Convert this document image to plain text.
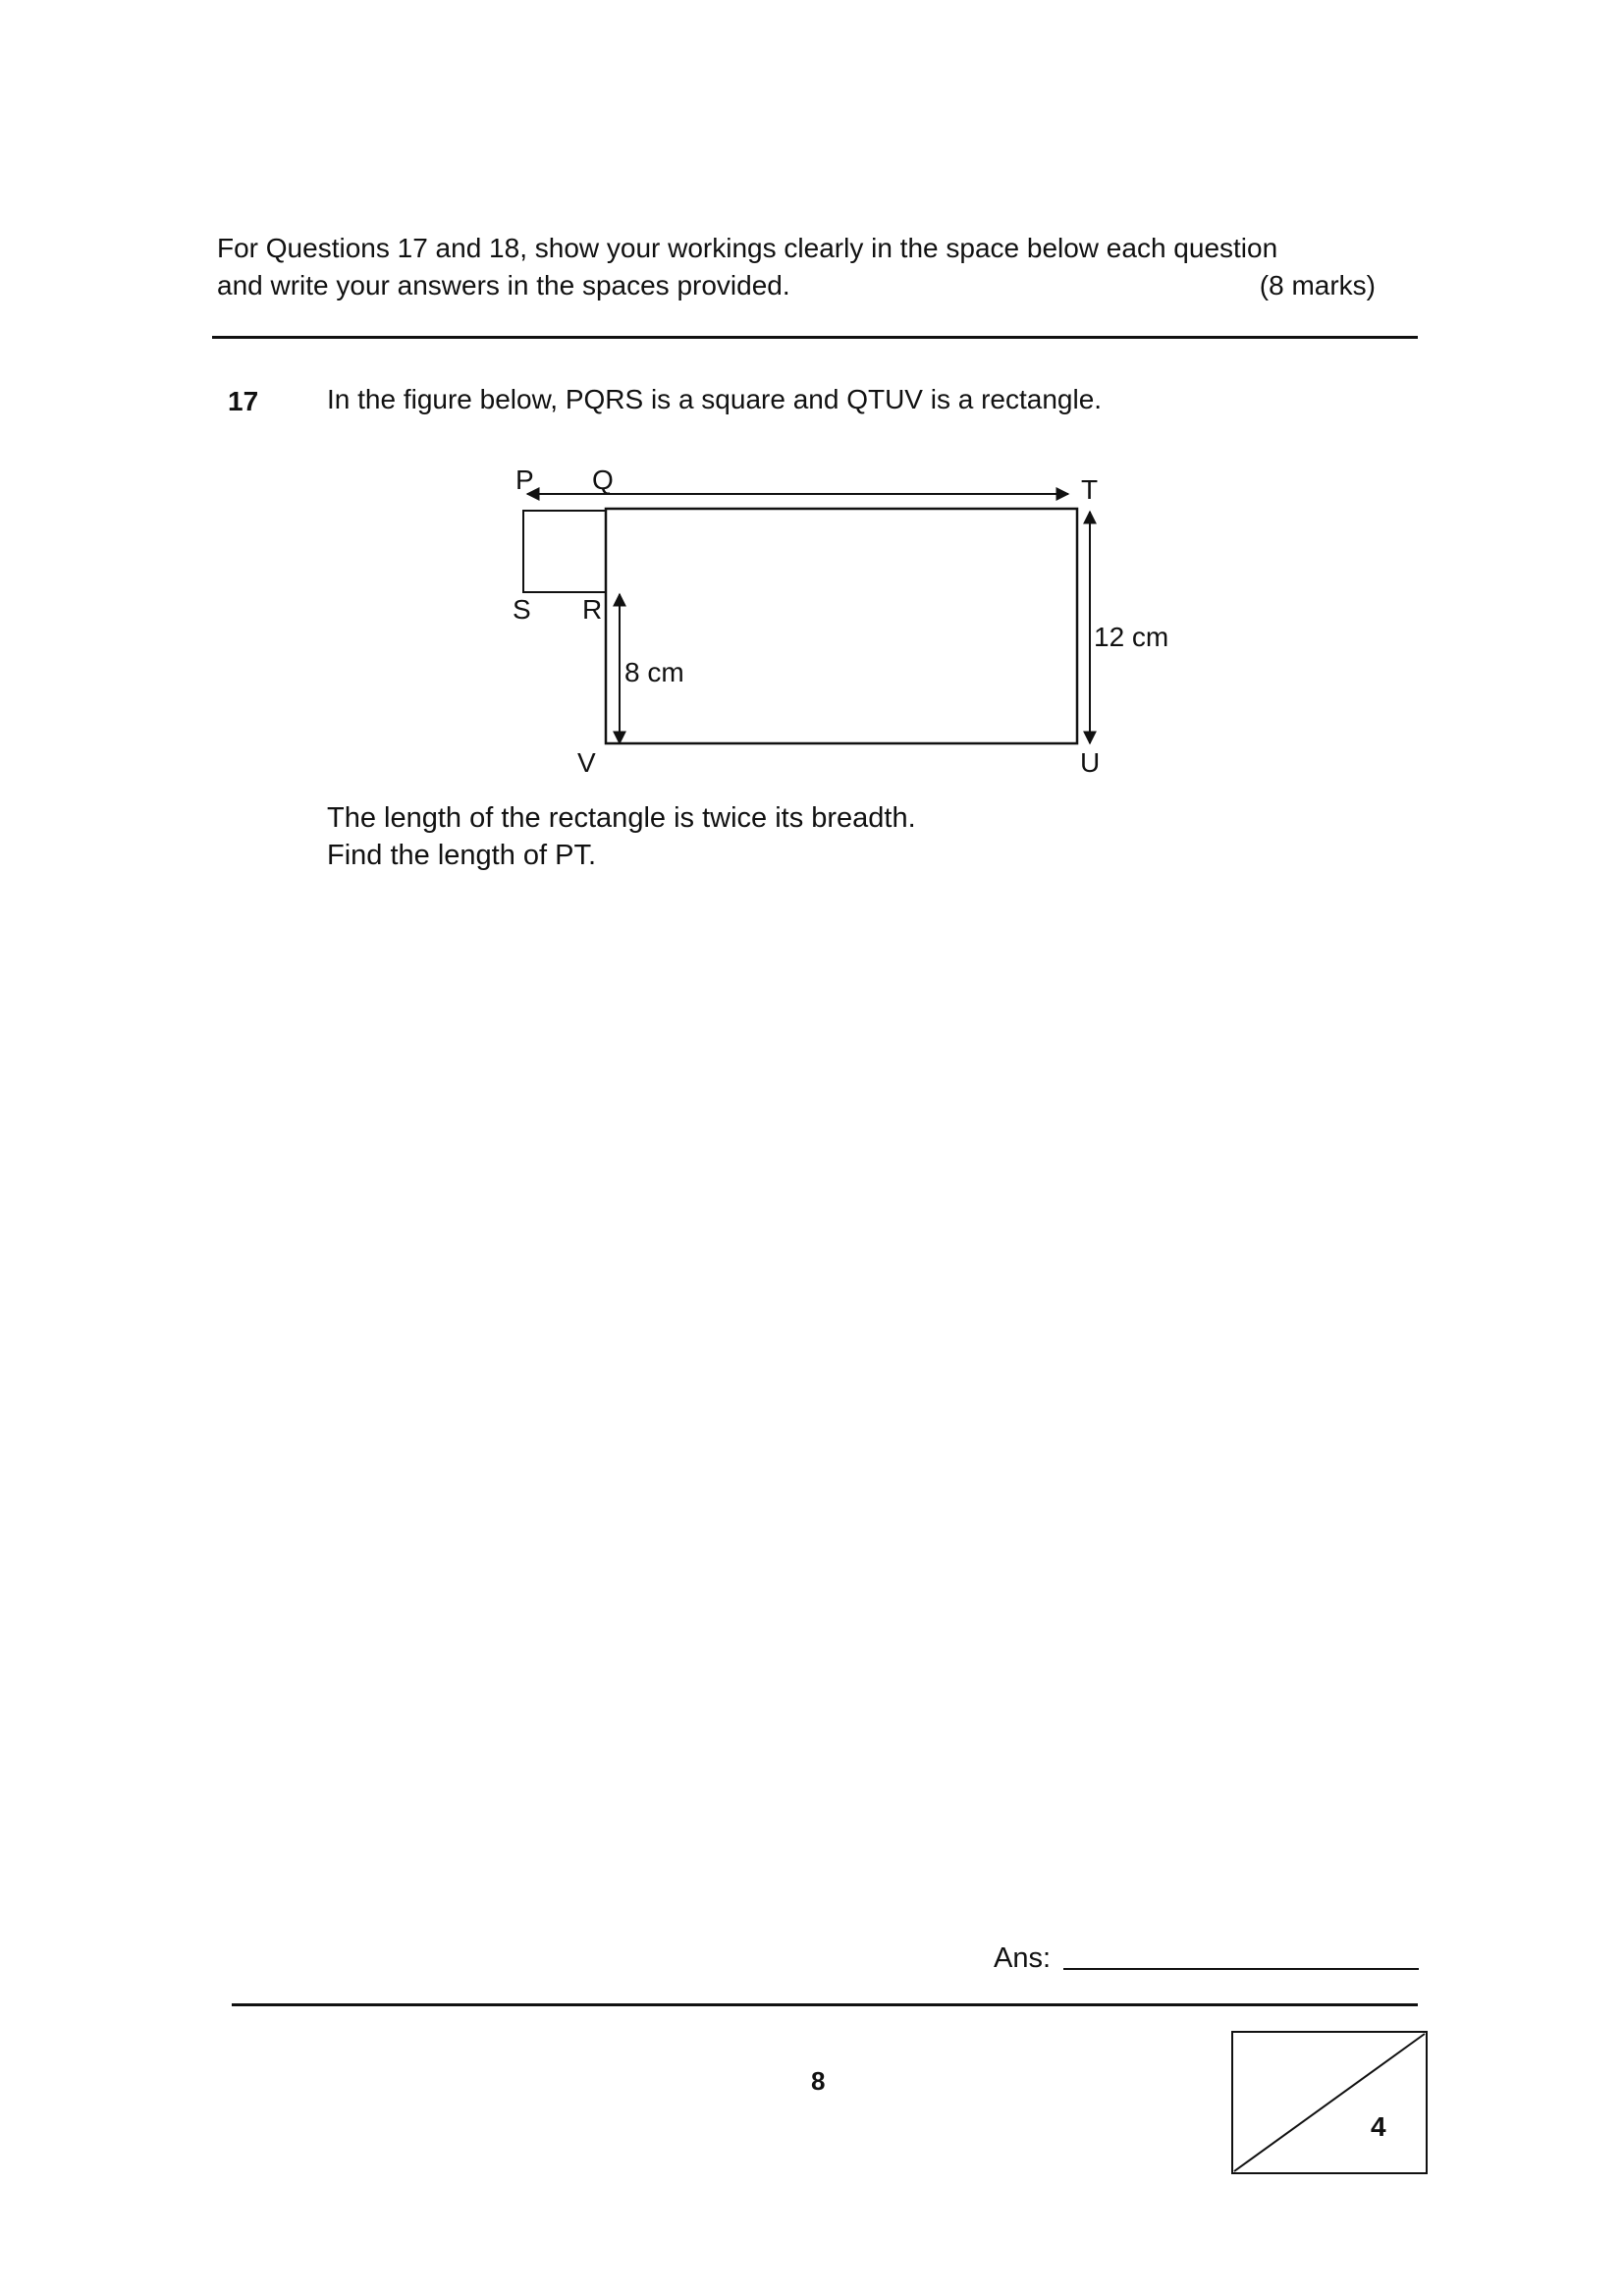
For Questions 17 and 18, show your workings clearly in the space below each question
and write your answers in the spaces provided.	(8 marks)
17 In the figure below, PQRS is a square and QTUV is a rectangle.
P Q	T
S R
V	U
8 cm
12 cm
The length of the rectangle is twice its breadth.
Find the length of PT.
Ans:
8
4
